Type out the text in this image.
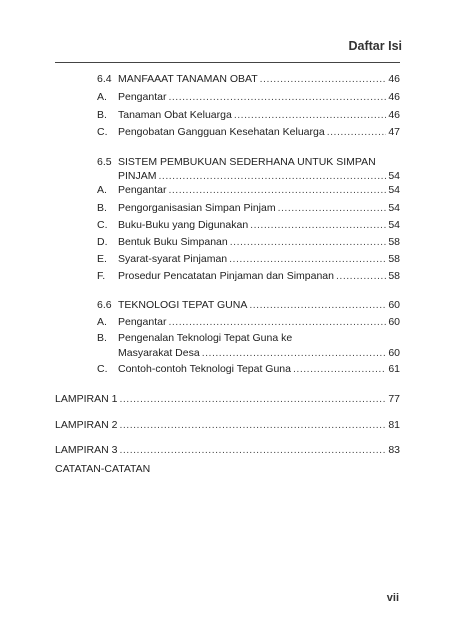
Daftar Isi
6.4 MANFAAAT TANAMAN OBAT .....	46
A. Pengantar .....	46
B. Tanaman Obat Keluarga .....	46
C. Pengobatan Gangguan Kesehatan Keluarga .....	47
6.5 SISTEM PEMBUKUAN SEDERHANA UNTUK SIMPAN
PINJAM .....	54
A. Pengantar .....	54
B. Pengorganisasian Simpan Pinjam .....	54
C. Buku-Buku yang Digunakan .....	54
D. Bentuk Buku Simpanan .....	58
E. Syarat-syarat Pinjaman .....	58
F. Prosedur Pencatatan Pinjaman dan Simpanan .....	58
6.6 TEKNOLOGI TEPAT GUNA .....	60
A. Pengantar .....	60
B. Pengenalan Teknologi Tepat Guna ke
Masyarakat Desa .....	60
C. Contoh-contoh Teknologi Tepat Guna .....	61
LAMPIRAN 1 .....	77
LAMPIRAN 2 .....	81
LAMPIRAN 3 .....	83
CATATAN-CATATAN
vii
